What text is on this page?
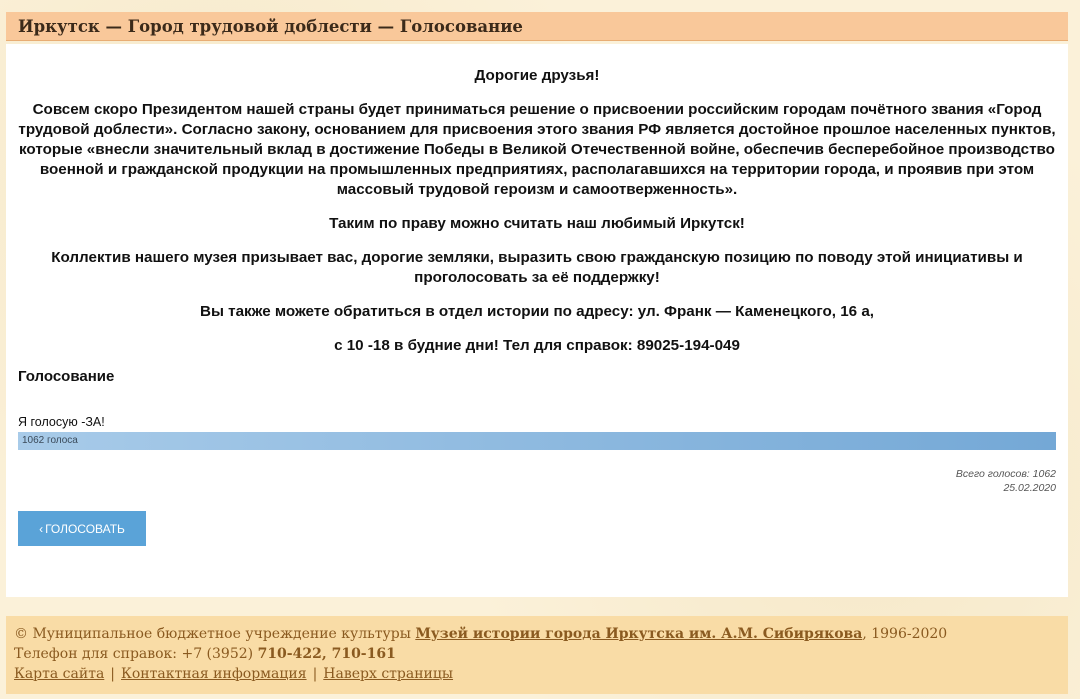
Иркутск — Город трудовой доблести — Голосование

Дорогие друзья!

Совсем скоро Президентом нашей страны будет приниматься решение о присвоении российским городам почётного звания «Город трудовой доблести». Согласно закону, основанием для присвоения этого звания РФ является достойное прошлое населенных пунктов, которые «внесли значительный вклад в достижение Победы в Великой Отечественной войне, обеспечив бесперебойное производство военной и гражданской продукции на промышленных предприятиях, располагавшихся на территории города, и проявив при этом массовый трудовой героизм и самоотверженность».

Таким по праву можно считать наш любимый Иркутск!

Коллектив нашего музея призывает вас, дорогие земляки, выразить свою гражданскую позицию по поводу этой инициативы и проголосовать за её поддержку!

Вы также можете обратиться в отдел истории по адресу: ул. Франк — Каменецкого, 16 а,

с 10 -18 в будние дни! Тел для справок: 89025-194-049

Голосование
Я голосую -ЗА!
1062 голоса
Всего голосов: 1062
25.02.2020
‹ ГОЛОСОВАТЬ
© Муниципальное бюджетное учреждение культуры Музей истории города Иркутска им. А.М. Сибирякова, 1996-2020
Телефон для справок: +7 (3952) 710-422, 710-161
Карта сайта | Контактная информация | Наверх страницы
